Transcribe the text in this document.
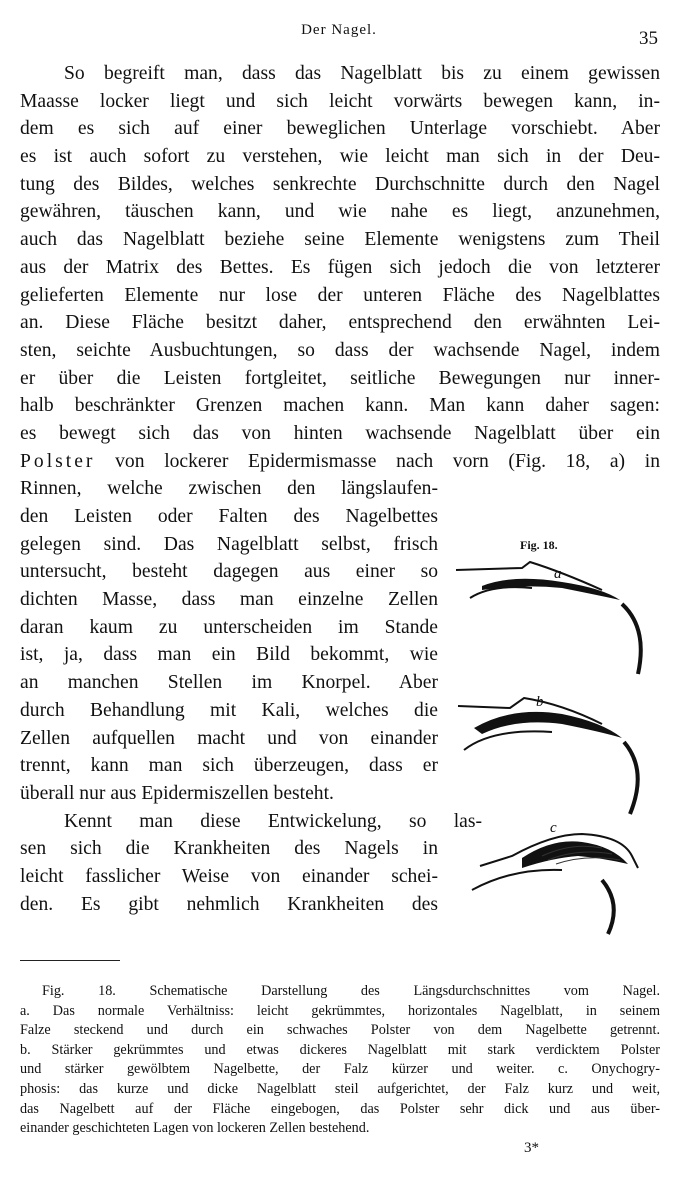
Der Nagel.	35
So begreift man, dass das Nagelblatt bis zu einem gewissen
Maasse locker liegt und sich leicht vorwärts bewegen kann, in-
dem es sich auf einer beweglichen Unterlage vorschiebt. Aber
es ist auch sofort zu verstehen, wie leicht man sich in der Deu-
tung des Bildes, welches senkrechte Durchschnitte durch den Nagel
gewähren, täuschen kann, und wie nahe es liegt, anzunehmen,
auch das Nagelblatt beziehe seine Elemente wenigstens zum Theil
aus der Matrix des Bettes. Es fügen sich jedoch die von letzterer
gelieferten Elemente nur lose der unteren Fläche des Nagelblattes
an. Diese Fläche besitzt daher, entsprechend den erwähnten Lei-
sten, seichte Ausbuchtungen, so dass der wachsende Nagel, indem
er über die Leisten fortgleitet, seitliche Bewegungen nur inner-
halb beschränkter Grenzen machen kann. Man kann daher sagen:
es bewegt sich das von hinten wachsende Nagelblatt über ein
Polster von lockerer Epidermismasse nach vorn (Fig. 18, a) in
Rinnen, welche zwischen den längslaufen-
den Leisten oder Falten des Nagelbettes
gelegen sind. Das Nagelblatt selbst, frisch
untersucht, besteht dagegen aus einer so
dichten Masse, dass man einzelne Zellen
daran kaum zu unterscheiden im Stande
ist, ja, dass man ein Bild bekommt, wie
an manchen Stellen im Knorpel. Aber
durch Behandlung mit Kali, welches die
Zellen aufquellen macht und von einander
trennt, kann man sich überzeugen, dass er
überall nur aus Epidermiszellen besteht.
Kennt man diese Entwickelung, so las-
sen sich die Krankheiten des Nagels in
leicht fasslicher Weise von einander schei-
den. Es gibt nehmlich Krankheiten des
Fig. 18.
a
b
c
Fig. 18. Schematische Darstellung des Längsdurchschnittes vom Nagel.
a. Das normale Verhältniss: leicht gekrümmtes, horizontales Nagelblatt, in seinem
Falze steckend und durch ein schwaches Polster von dem Nagelbette getrennt.
b. Stärker gekrümmtes und etwas dickeres Nagelblatt mit stark verdicktem Polster
und stärker gewölbtem Nagelbette, der Falz kürzer und weiter. c. Onychogry-
phosis: das kurze und dicke Nagelblatt steil aufgerichtet, der Falz kurz und weit,
das Nagelbett auf der Fläche eingebogen, das Polster sehr dick und aus über-
einander geschichteten Lagen von lockeren Zellen bestehend.
3*
